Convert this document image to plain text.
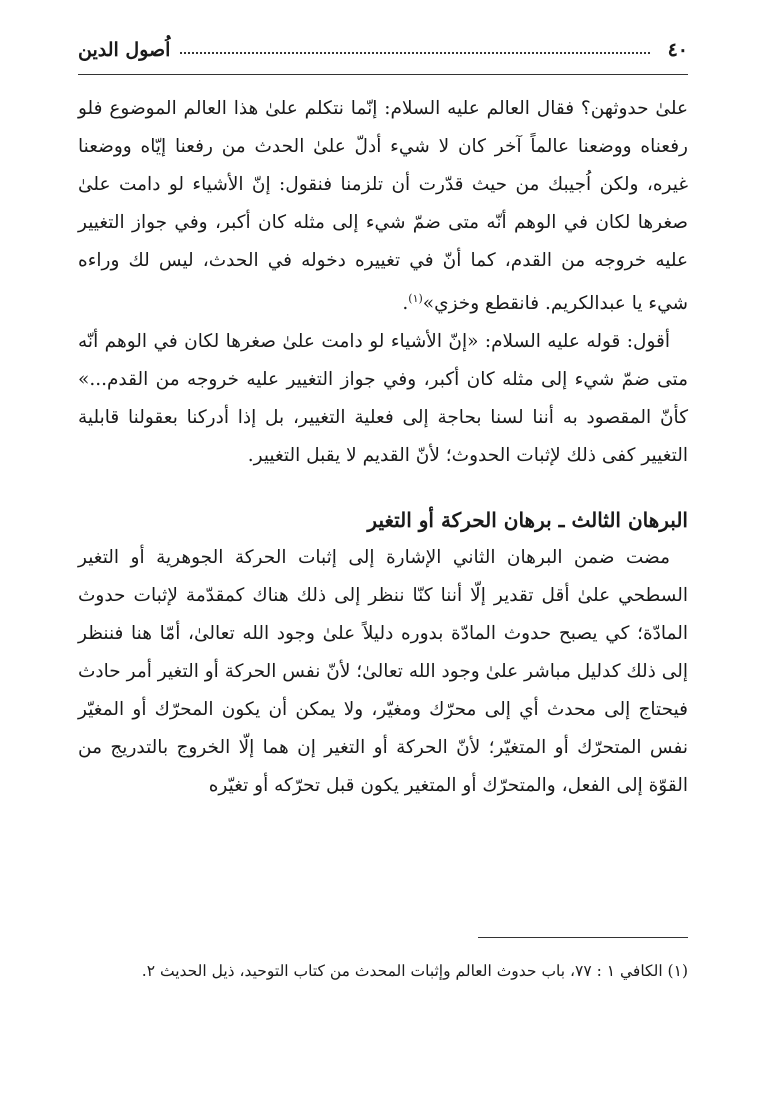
٤٠
اُصول الدين

علىٰ حدوثهن؟ فقال العالم عليه السلام: إنّما نتكلم علىٰ هذا العالم الموضوع فلو رفعناه ووضعنا عالماً آخر كان لا شيء أدلّ علىٰ الحدث من رفعنا إيّاه ووضعنا غيره، ولكن اُجيبك من حيث قدّرت أن تلزمنا فنقول: إنّ الأشياء لو دامت علىٰ صغرها لكان في الوهم أنّه متى ضمّ شيء إلى مثله كان أكبر، وفي جواز التغيير عليه خروجه من القدم، كما أنّ في تغييره دخوله في الحدث، ليس لك وراءه شيء يا عبدالكريم. فانقطع وخزي»$^{(١)}$.

أقول: قوله عليه السلام: «إنّ الأشياء لو دامت علىٰ صغرها لكان في الوهم أنّه متى ضمّ شيء إلى مثله كان أكبر، وفي جواز التغيير عليه خروجه من القدم...» كأنّ المقصود به أننا لسنا بحاجة إلى فعلية التغيير، بل إذا أدركنا بعقولنا قابلية التغيير كفى ذلك لإثبات الحدوث؛ لأنّ القديم لا يقبل التغيير.

البرهان الثالث ـ برهان الحركة أو التغير

مضت ضمن البرهان الثاني الإشارة إلى إثبات الحركة الجوهرية أو التغير السطحي علىٰ أقل تقدير إلّا أننا كنّا ننظر إلى ذلك هناك كمقدّمة لإثبات حدوث المادّة؛ كي يصبح حدوث المادّة بدوره دليلاً علىٰ وجود الله تعالىٰ، أمّا هنا فننظر إلى ذلك كدليل مباشر علىٰ وجود الله تعالىٰ؛ لأنّ نفس الحركة أو التغير أمر حادث فيحتاج إلى محدث أي إلى محرّك ومغيّر، ولا يمكن أن يكون المحرّك أو المغيّر نفس المتحرّك أو المتغيّر؛ لأنّ الحركة أو التغير إن هما إلّا الخروج بالتدريج من القوّة إلى الفعل، والمتحرّك أو المتغير يكون قبل تحرّكه أو تغيّره

(١) الكافي ١ : ٧٧، باب حدوث العالم وإثبات المحدث من كتاب التوحيد، ذيل الحديث ٢.
